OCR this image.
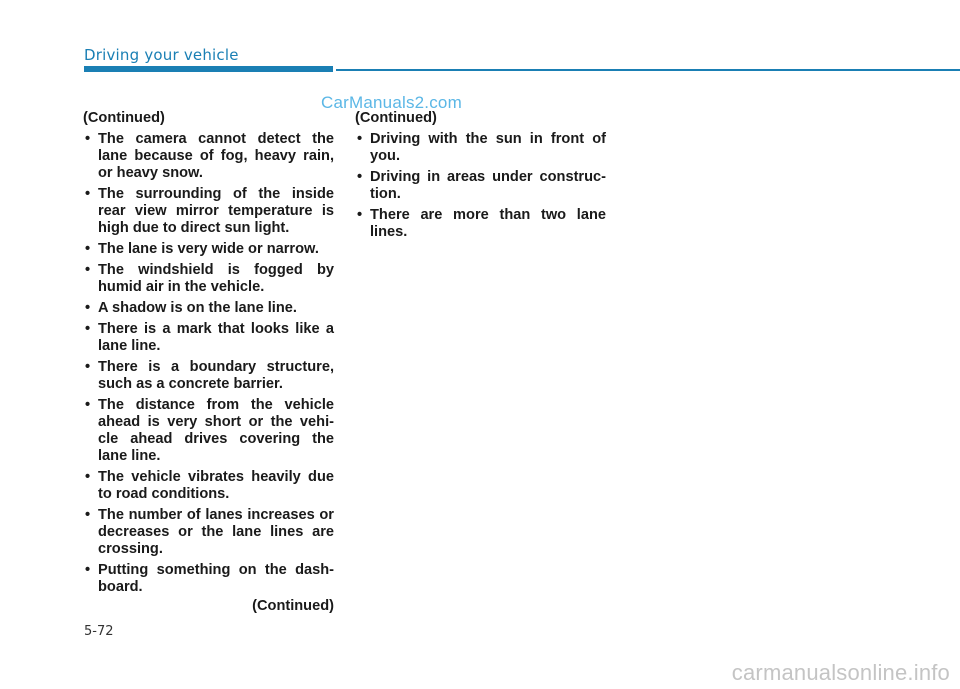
Driving your vehicle
CarManuals2.com
(Continued)
• The camera cannot detect the lane because of fog, heavy rain, or heavy snow.
• The surrounding of the inside rear view mirror temperature is high due to direct sun light.
• The lane is very wide or narrow.
• The windshield is fogged by humid air in the vehicle.
• A shadow is on the lane line.
• There is a mark that looks like a lane line.
• There is a boundary structure, such as a concrete barrier.
• The distance from the vehicle ahead is very short or the vehi-cle ahead drives covering the lane line.
• The vehicle vibrates heavily due to road conditions.
• The number of lanes increases or decreases or the lane lines are crossing.
• Putting something on the dash-board.
(Continued)
(Continued)
• Driving with the sun in front of you.
• Driving in areas under construc-tion.
• There are more than two lane lines.
5-72
carmanualsonline.info
